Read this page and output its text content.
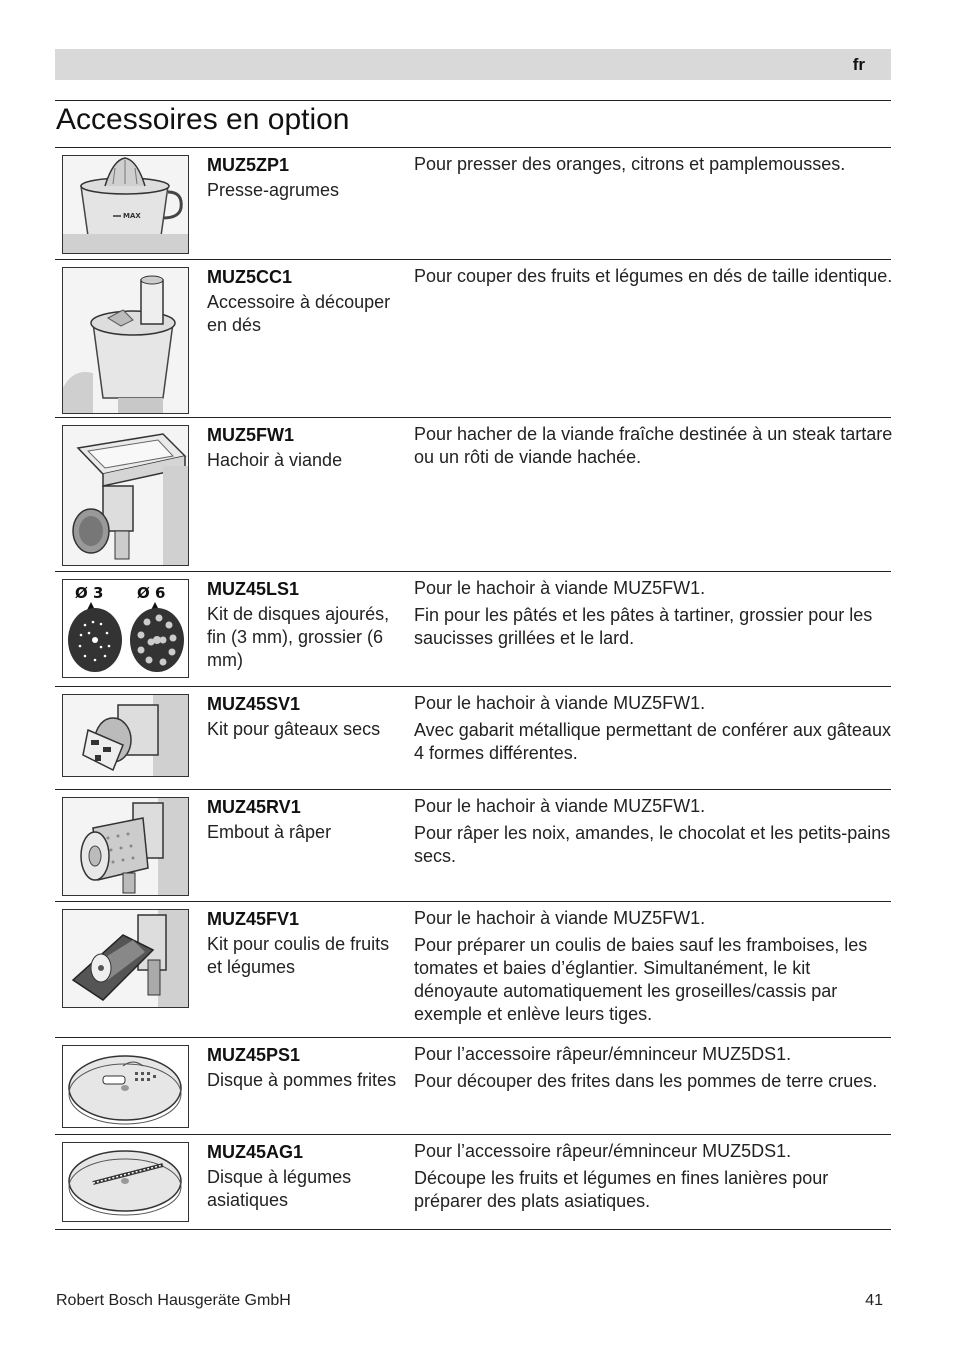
fr
Accessoires en option
MAX
MUZ5ZP1
Presse-agrumes

Pour presser des oranges, citrons et pamplemousses.

MUZ5CC1
Accessoire à découper en dés

Pour couper des fruits et légumes en dés de taille identique.

MUZ5FW1
Hachoir à viande

Pour hacher de la viande fraîche destinée à un steak tartare ou un rôti de viande hachée.

Ø 3 Ø 6 MUZ45LS1
Kit de disques ajourés, fin (3 mm), grossier (6 mm)

Pour le hachoir à viande MUZ5FW1.

Fin pour les pâtés et les pâtes à tartiner, grossier pour les saucisses grillées et le lard.

MUZ45SV1
Kit pour gâteaux secs

Pour le hachoir à viande MUZ5FW1.

Avec gabarit métallique permettant de conférer aux gâteaux 4 formes différentes.

MUZ45RV1
Embout à râper

Pour le hachoir à viande MUZ5FW1.

Pour râper les noix, amandes, le chocolat et les petits-pains secs.

MUZ45FV1
Kit pour coulis de fruits et légumes

Pour le hachoir à viande MUZ5FW1.

Pour préparer un coulis de baies sauf les framboises, les tomates et baies d’églantier. Simultanément, le kit dénoyaute automatiquement les groseilles/cassis par exemple et enlève leurs tiges.

MUZ45PS1
Disque à pommes frites

Pour l’accessoire râpeur/émninceur MUZ5DS1.

Pour découper des frites dans les pommes de terre crues.

MUZ45AG1
Disque à légumes asiatiques

Pour l’accessoire râpeur/émninceur MUZ5DS1.

Découpe les fruits et légumes en fines lanières pour préparer des plats asiatiques.

Robert Bosch Hausgeräte GmbH	41
